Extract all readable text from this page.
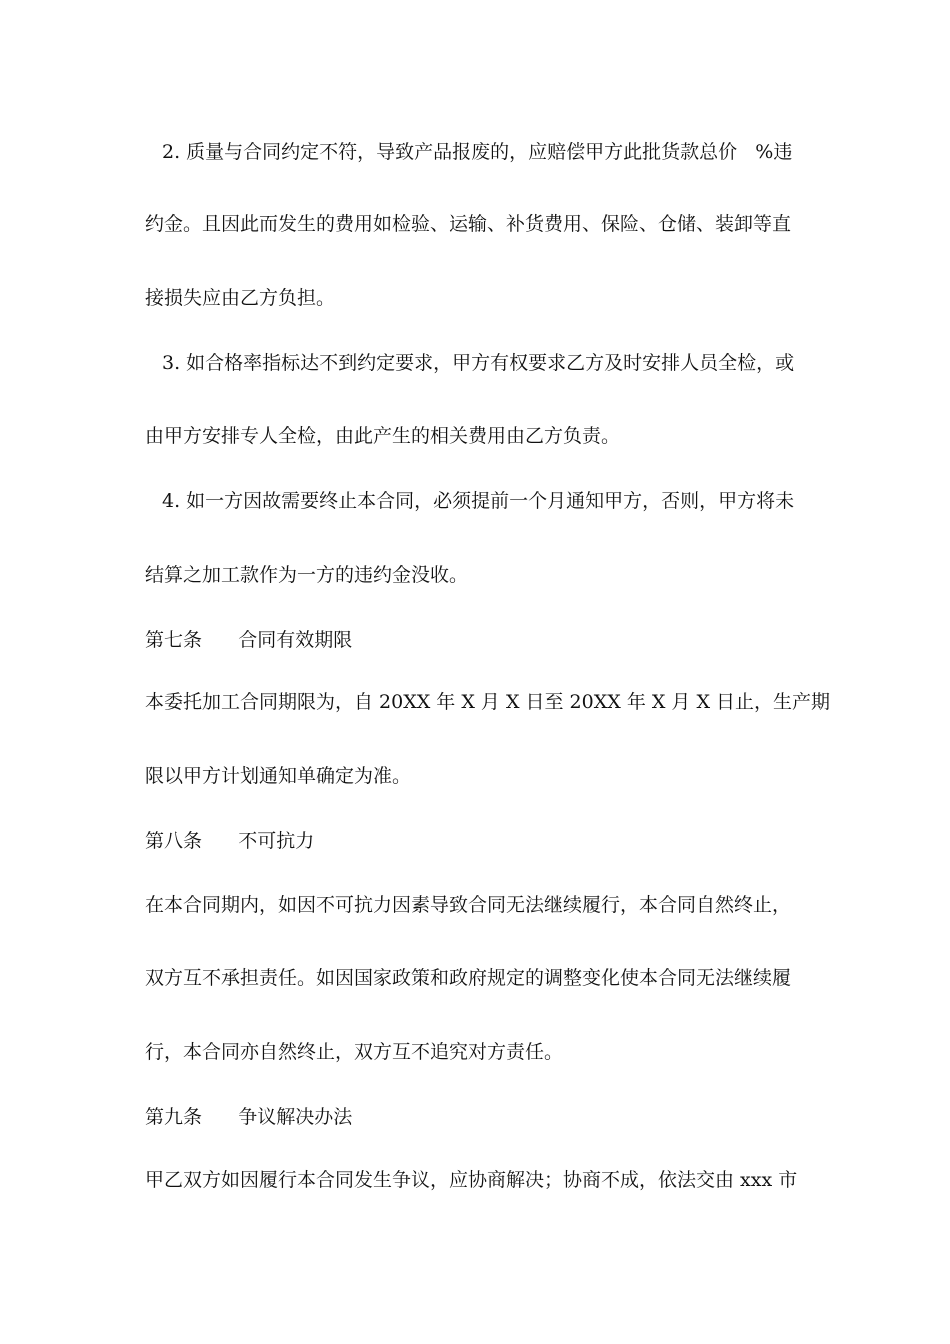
2. 质量与合同约定不符，导致产品报废的，应赔偿甲方此批货款总价   %违

约金。且因此而发生的费用如检验、运输、补货费用、保险、仓储、装卸等直

接损失应由乙方负担。

3. 如合格率指标达不到约定要求，甲方有权要求乙方及时安排人员全检，或

由甲方安排专人全检，由此产生的相关费用由乙方负责。

4. 如一方因故需要终止本合同，必须提前一个月通知甲方，否则，甲方将未

结算之加工款作为一方的违约金没收。

第七条      合同有效期限

本委托加工合同期限为，自 20XX 年 X 月 X 日至 20XX 年 X 月 X 日止，生产期

限以甲方计划通知单确定为准。

第八条      不可抗力

在本合同期内，如因不可抗力因素导致合同无法继续履行，本合同自然终止，

双方互不承担责任。如因国家政策和政府规定的调整变化使本合同无法继续履

行，本合同亦自然终止，双方互不追究对方责任。

第九条      争议解决办法

甲乙双方如因履行本合同发生争议，应协商解决；协商不成，依法交由 xxx 市
